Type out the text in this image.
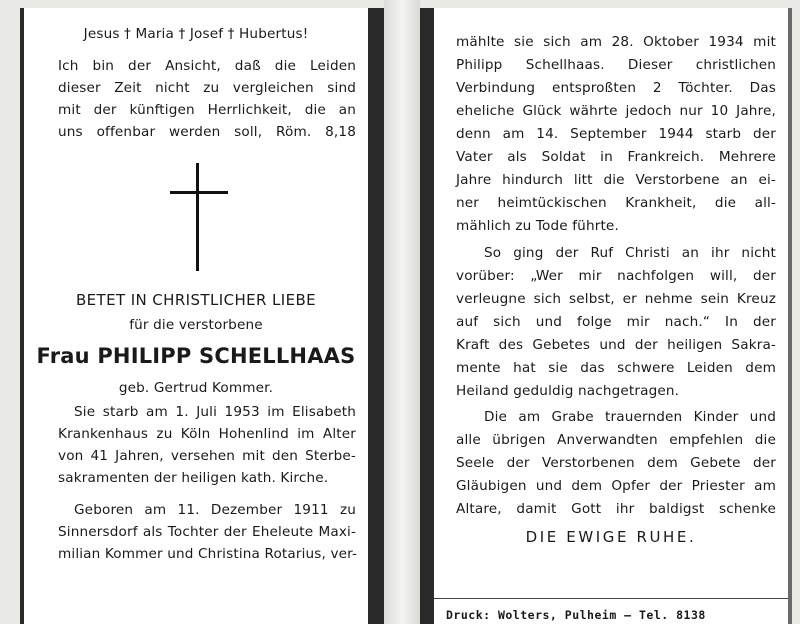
Jesus † Maria † Josef † Hubertus!
Ich bin der Ansicht, daß die Leiden
dieser Zeit nicht zu vergleichen sind
mit der künftigen Herrlichkeit, die an
uns offenbar werden soll, Röm. 8,18
BETET IN CHRISTLICHER LIEBE
für die verstorbene
Frau PHILIPP SCHELLHAAS
geb. Gertrud Kommer.
Sie starb am 1. Juli 1953 im Elisabeth
Krankenhaus zu Köln Hohenlind im Alter
von 41 Jahren, versehen mit den Sterbe-
sakramenten der heiligen kath. Kirche.
Geboren am 11. Dezember 1911 zu
Sinnersdorf als Tochter der Eheleute Maxi-
milian Kommer und Christina Rotarius, ver-
mählte sie sich am 28. Oktober 1934 mit
Philipp Schellhaas. Dieser christlichen
Verbindung entsproßten 2 Töchter. Das
eheliche Glück währte jedoch nur 10 Jahre,
denn am 14. September 1944 starb der
Vater als Soldat in Frankreich. Mehrere
Jahre hindurch litt die Verstorbene an ei-
ner heimtückischen Krankheit, die all-
mählich zu Tode führte.
So ging der Ruf Christi an ihr nicht
vorüber: „Wer mir nachfolgen will, der
verleugne sich selbst, er nehme sein Kreuz
auf sich und folge mir nach.“ In der
Kraft des Gebetes und der heiligen Sakra-
mente hat sie das schwere Leiden dem
Heiland geduldig nachgetragen.
Die am Grabe trauernden Kinder und
alle übrigen Anverwandten empfehlen die
Seele der Verstorbenen dem Gebete der
Gläubigen und dem Opfer der Priester am
Altare, damit Gott ihr baldigst schenke
DIE EWIGE RUHE.
Druck: Wolters, Pulheim — Tel. 8138
